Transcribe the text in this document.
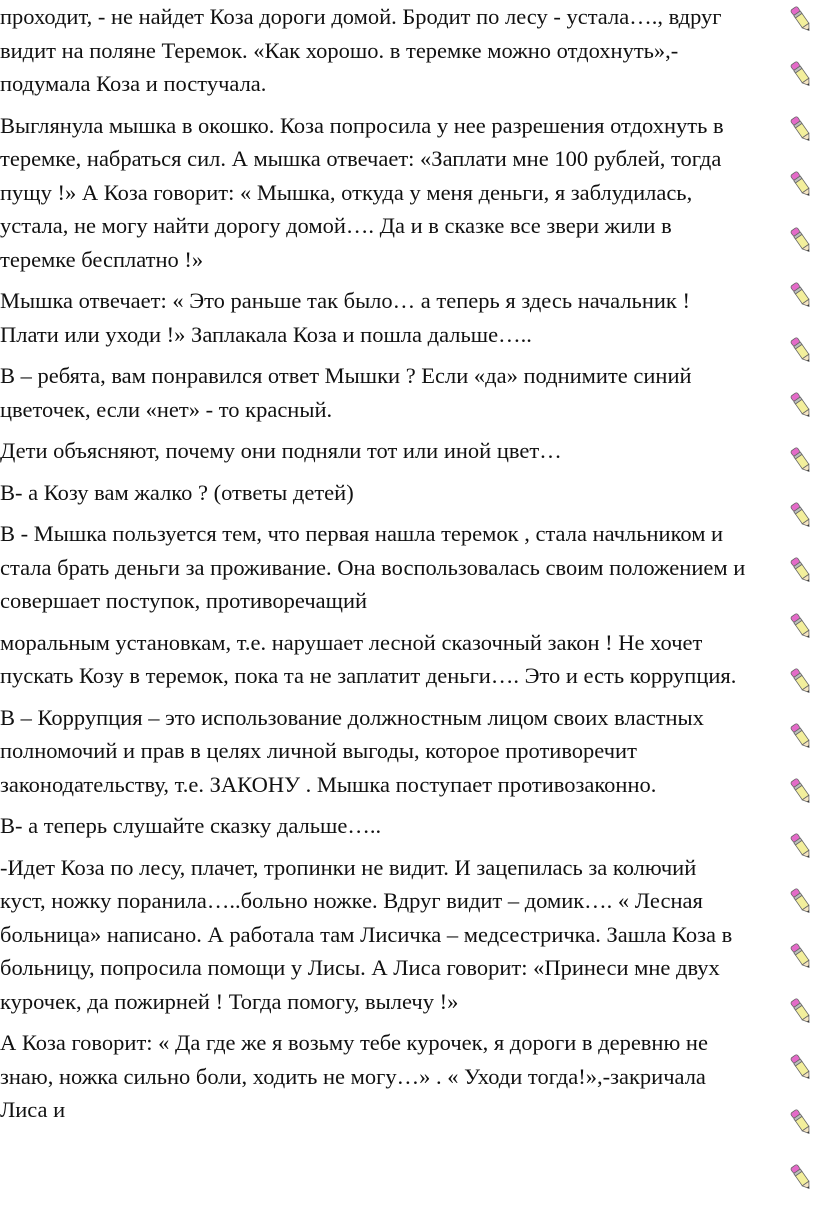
проходит, - не найдет Коза дороги домой. Бродит по лесу - устала…., вдруг
видит на поляне Теремок. «Как хорошо. в теремке можно отдохнуть»,-
подумала Коза и постучала.

Выглянула мышка в окошко. Коза попросила у нее разрешения отдохнуть в
теремке, набраться сил. А мышка отвечает: «Заплати мне 100 рублей, тогда
пущу !» А Коза говорит: « Мышка, откуда у меня деньги, я заблудилась,
устала, не могу найти дорогу домой…. Да и в сказке все звери жили в
теремке бесплатно !»

Мышка отвечает: « Это раньше так было… а теперь я здесь начальник !
Плати или уходи !» Заплакала Коза и пошла дальше…..

В – ребята, вам понравился ответ Мышки ? Если «да» поднимите синий
цветочек, если «нет» - то красный.

Дети объясняют, почему они подняли тот или иной цвет…

В- а Козу вам жалко ? (ответы детей)

В - Мышка пользуется тем, что первая нашла теремок , стала начльником и
стала брать деньги за проживание. Она воспользовалась своим положением и
совершает поступок, противоречащий

моральным установкам, т.е. нарушает лесной сказочный закон ! Не хочет
пускать Козу в теремок, пока та не заплатит деньги…. Это и есть коррупция.

В – Коррупция – это использование должностным лицом своих властных
полномочий и прав в целях личной выгоды, которое противоречит
законодательству, т.е. ЗАКОНУ . Мышка поступает противозаконно.

В- а теперь слушайте сказку дальше…..

-Идет Коза по лесу, плачет, тропинки не видит. И зацепилась за колючий
куст, ножку поранила…..больно ножке. Вдруг видит – домик…. « Лесная
больница» написано. А работала там Лисичка – медсестричка. Зашла Коза в
больницу, попросила помощи у Лисы. А Лиса говорит: «Принеси мне двух
курочек, да пожирней ! Тогда помогу, вылечу !»

А Коза говорит: « Да где же я возьму тебе курочек, я дороги в деревню не
знаю, ножка сильно боли, ходить не могу…» . « Уходи тогда!»,-закричала
Лиса и
